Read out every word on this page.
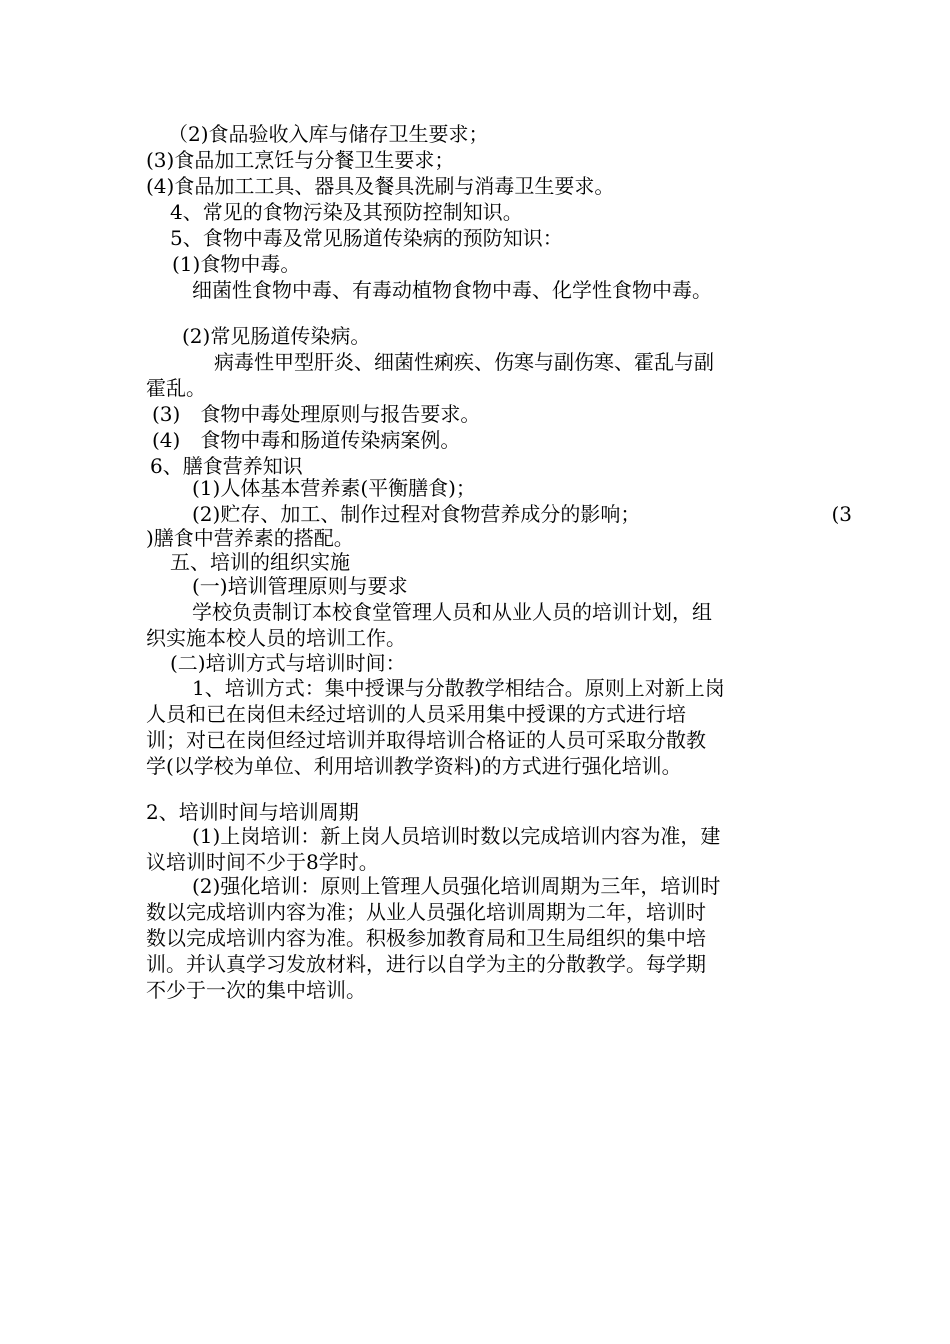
（2)食品验收入库与储存卫生要求；

(3)食品加工烹饪与分餐卫生要求；

(4)食品加工工具、器具及餐具洗刷与消毒卫生要求。

4、常见的食物污染及其预防控制知识。

5、食物中毒及常见肠道传染病的预防知识：

(1)食物中毒。

细菌性食物中毒、有毒动植物食物中毒、化学性食物中毒。

(2)常见肠道传染病。

病毒性甲型肝炎、细菌性痢疾、伤寒与副伤寒、霍乱与副

霍乱。

(3)　食物中毒处理原则与报告要求。

(4)　食物中毒和肠道传染病案例。

6、膳食营养知识

(1)人体基本营养素(平衡膳食)；

(2)贮存、加工、制作过程对食物营养成分的影响；	(3

)膳食中营养素的搭配。

五、培训的组织实施

(一)培训管理原则与要求

学校负责制订本校食堂管理人员和从业人员的培训计划，组

织实施本校人员的培训工作。

(二)培训方式与培训时间：

1、培训方式：集中授课与分散教学相结合。原则上对新上岗

人员和已在岗但未经过培训的人员采用集中授课的方式进行培

训；对已在岗但经过培训并取得培训合格证的人员可采取分散教

学(以学校为单位、利用培训教学资料)的方式进行强化培训。

2、培训时间与培训周期

(1)上岗培训：新上岗人员培训时数以完成培训内容为准，建

议培训时间不少于8学时。

(2)强化培训：原则上管理人员强化培训周期为三年，培训时

数以完成培训内容为准；从业人员强化培训周期为二年，培训时

数以完成培训内容为准。积极参加教育局和卫生局组织的集中培

训。并认真学习发放材料，进行以自学为主的分散教学。每学期

不少于一次的集中培训。
